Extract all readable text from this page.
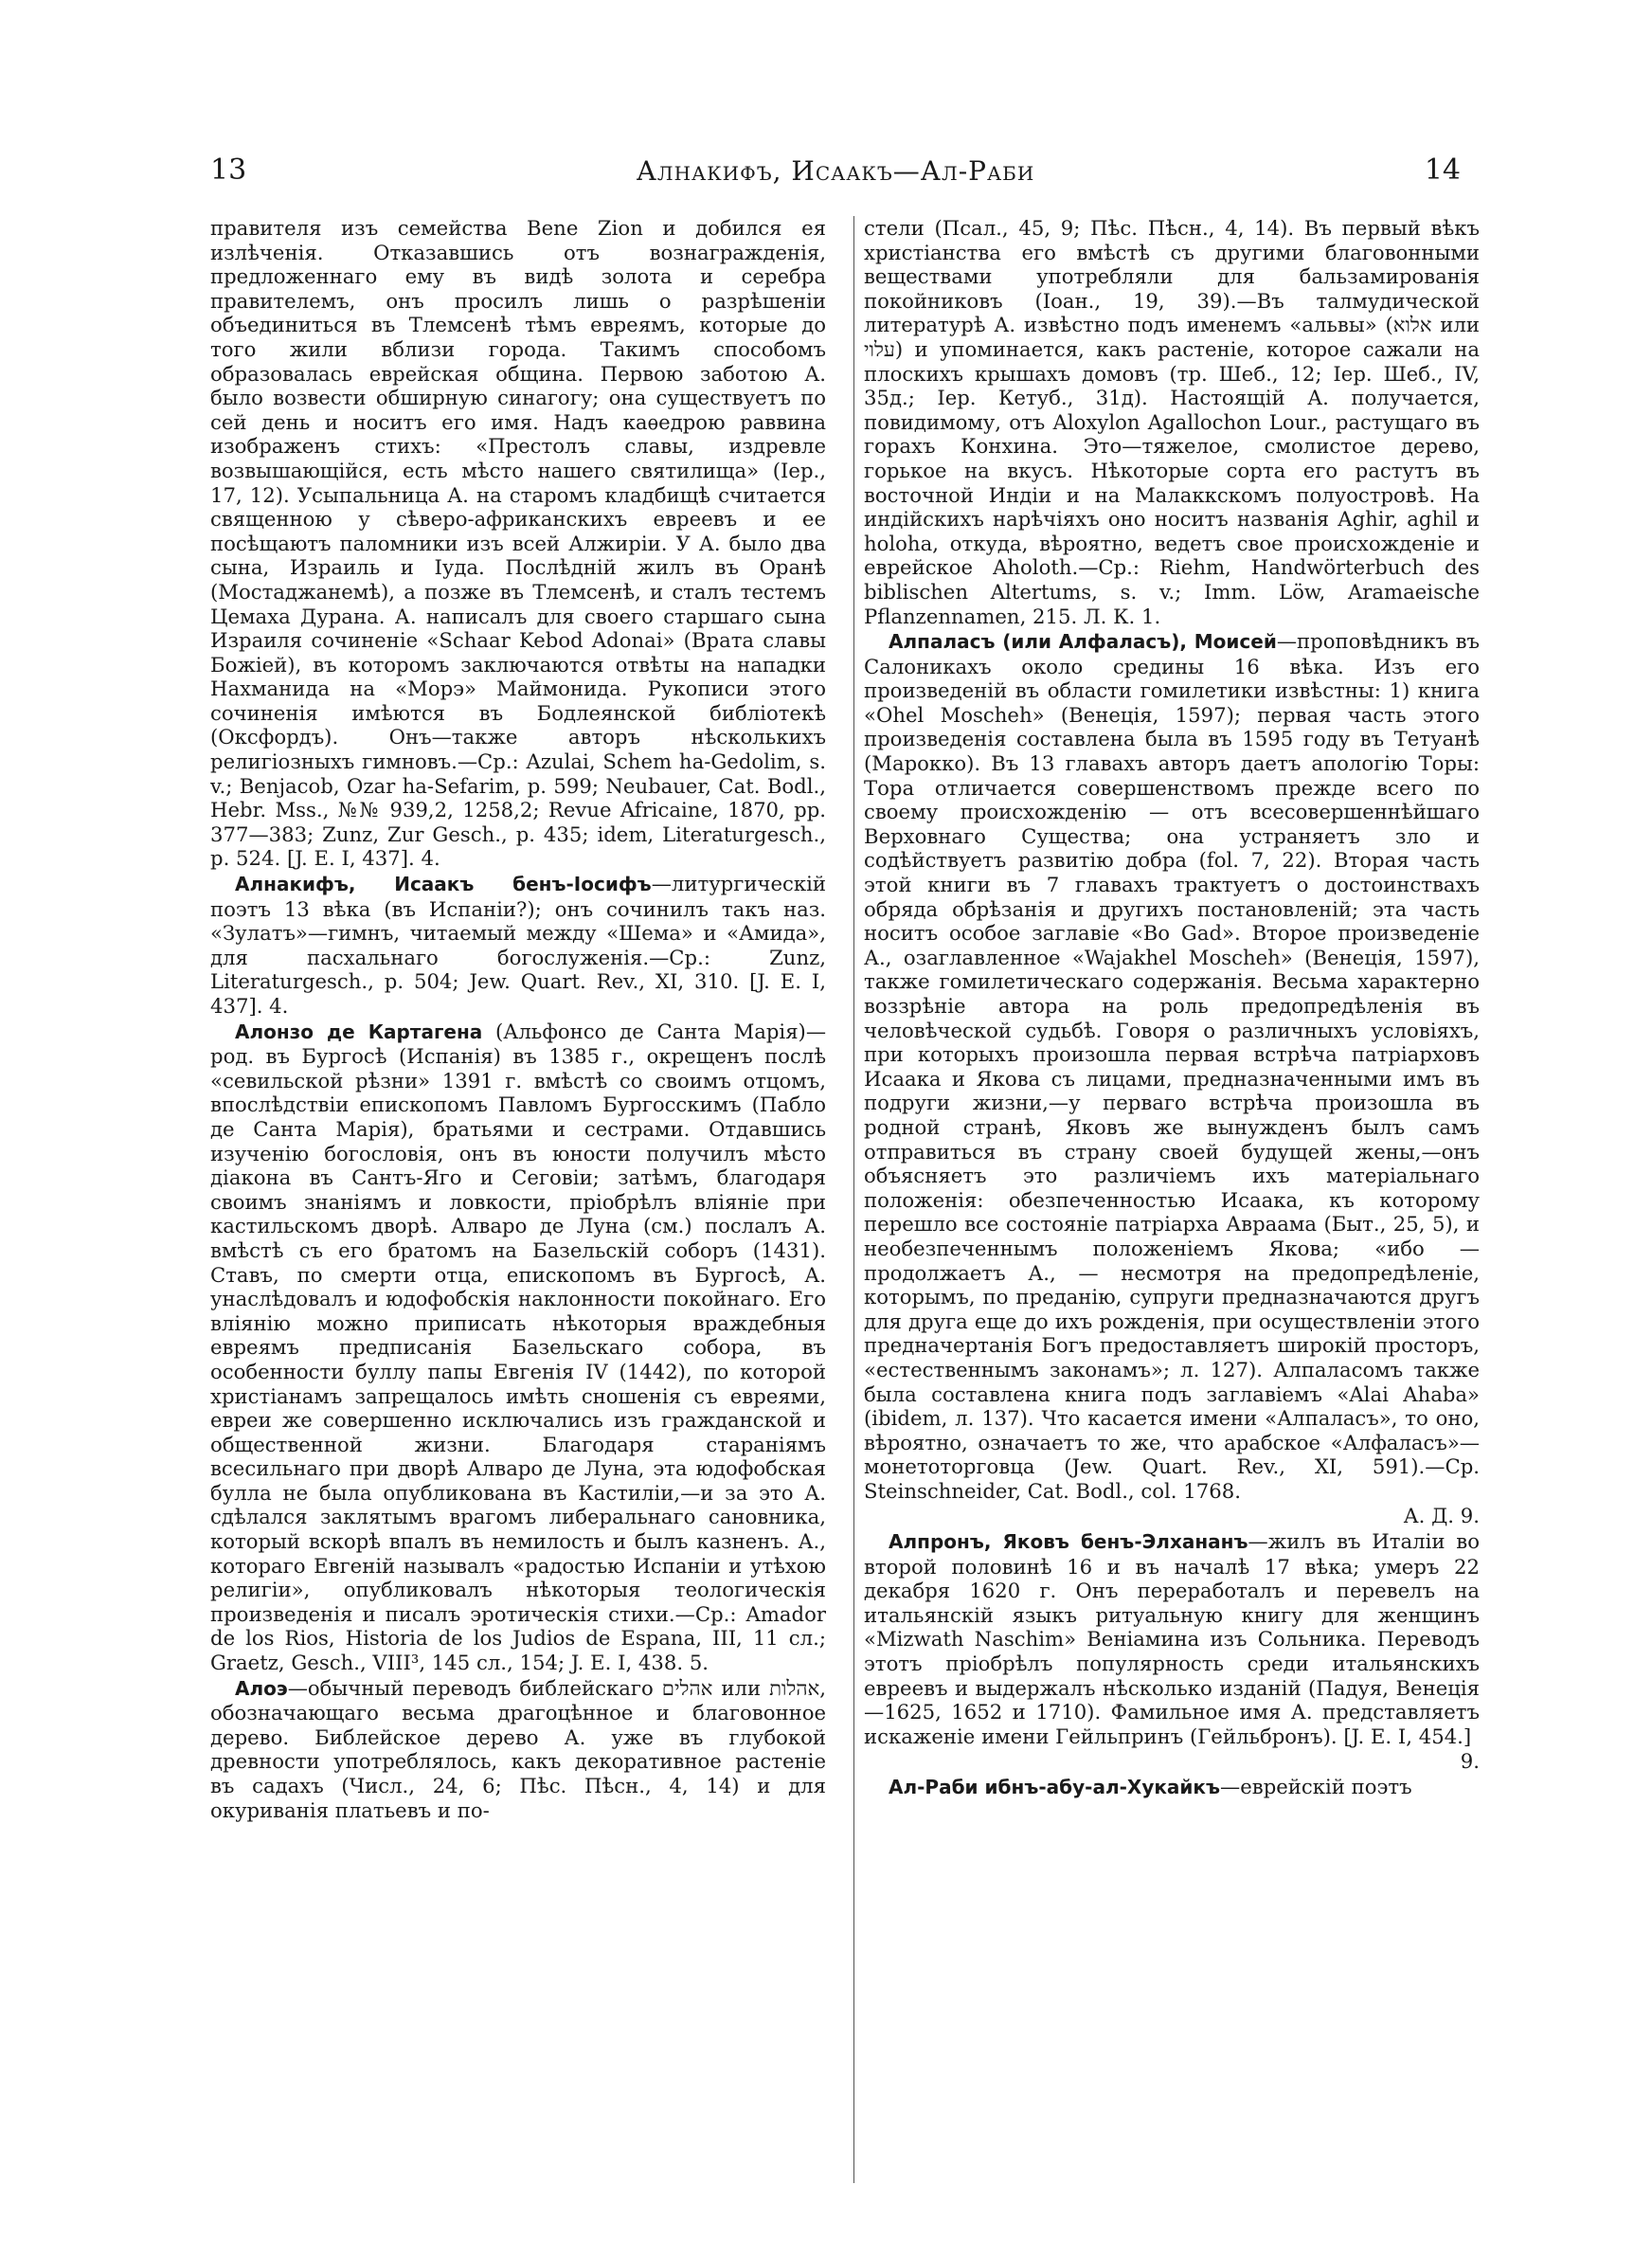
13	Алнакифъ, Исаакъ—Ал-Раби	14

правителя изъ семейства Bene Zion и добился ея излѣченія. Отказавшись отъ вознагражденія, предложеннаго ему въ видѣ золота и серебра правителемъ, онъ просилъ лишь о разрѣшеніи объединиться въ Тлемсенѣ тѣмъ евреямъ, которые до того жили вблизи города. Такимъ способомъ образовалась еврейская община. Первою заботою А. было возвести обширную синагогу; она существуетъ по сей день и носитъ его имя. Надъ каѳедрою раввина изображенъ стихъ: «Престолъ славы, издревле возвышающійся, есть мѣсто нашего святилища» (Іер., 17, 12). Усыпальница А. на старомъ кладбищѣ считается священною у сѣверо-африканскихъ евреевъ и ее посѣщаютъ паломники изъ всей Алжиріи. У А. было два сына, Израиль и Іуда. Послѣдній жилъ въ Оранѣ (Мостаджанемѣ), а позже въ Тлемсенѣ, и сталъ тестемъ Цемаха Дурана. А. написалъ для своего старшаго сына Израиля сочиненіе «Schaar Kebod Adonai» (Врата славы Божіей), въ которомъ заключаются отвѣты на нападки Нахманида на «Морэ» Маймонида. Рукописи этого сочиненія имѣются въ Бодлеянской библіотекѣ (Оксфордъ). Онъ—также авторъ нѣсколькихъ религіозныхъ гимновъ.—Ср.: Azulai, Schem ha-Gedolim, s. v.; Benjacob, Ozar ha-Sefarim, p. 599; Neubauer, Cat. Bodl., Hebr. Mss., №№ 939,2, 1258,2; Revue Africaine, 1870, pp. 377—383; Zunz, Zur Gesch., p. 435; idem, Literaturgesch., p. 524. [J. E. I, 437]. 4.

Алнакифъ, Исаакъ бенъ-Іосифъ—литургическій поэтъ 13 вѣка (въ Испаніи?); онъ сочинилъ такъ наз. «Зулатъ»—гимнъ, читаемый между «Шема» и «Амида», для пасхальнаго богослуженія.—Ср.: Zunz, Literaturgesch., p. 504; Jew. Quart. Rev., XI, 310. [J. E. I, 437]. 4.

Алонзо де Картагена (Альфонсо де Санта Марія)—род. въ Бургосѣ (Испанія) въ 1385 г., окрещенъ послѣ «севильской рѣзни» 1391 г. вмѣстѣ со своимъ отцомъ, впослѣдствіи епископомъ Павломъ Бургосскимъ (Пабло де Санта Марія), братьями и сестрами. Отдавшись изученію богословія, онъ въ юности получилъ мѣсто діакона въ Сантъ-Яго и Сеговіи; затѣмъ, благодаря своимъ знаніямъ и ловкости, пріобрѣлъ вліяніе при кастильскомъ дворѣ. Алваро де Луна (см.) послалъ А. вмѣстѣ съ его братомъ на Базельскій соборъ (1431). Ставъ, по смерти отца, епископомъ въ Бургосѣ, А. унаслѣдовалъ и юдофобскія наклонности покойнаго. Его вліянію можно приписать нѣкоторыя враждебныя евреямъ предписанія Базельскаго собора, въ особенности буллу папы Евгенія IV (1442), по которой христіанамъ запрещалось имѣть сношенія съ евреями, евреи же совершенно исключались изъ гражданской и общественной жизни. Благодаря стараніямъ всесильнаго при дворѣ Алваро де Луна, эта юдофобская булла не была опубликована въ Кастиліи,—и за это А. сдѣлался заклятымъ врагомъ либеральнаго сановника, который вскорѣ впалъ въ немилость и былъ казненъ. А., котораго Евгеній называлъ «радостью Испаніи и утѣхою религіи», опубликовалъ нѣкоторыя теологическія произведенія и писалъ эротическія стихи.—Ср.: Amador de los Rios, Historia de los Judios de Espana, III, 11 сл.; Graetz, Gesch., VIII³, 145 сл., 154; J. E. I, 438. 5.

Алоэ—обычный переводъ библейскаго אהלים или אהלות, обозначающаго весьма драгоцѣнное и благовонное дерево. Библейское дерево А. уже въ глубокой древности употреблялось, какъ декоративное растеніе въ садахъ (Числ., 24, 6; Пѣс. Пѣсн., 4, 14) и для окуриванія платьевъ и по-

стели (Псал., 45, 9; Пѣс. Пѣсн., 4, 14). Въ первый вѣкъ христіанства его вмѣстѣ съ другими благовонными веществами употребляли для бальзамированія покойниковъ (Іоан., 19, 39).—Въ талмудической литературѣ А. извѣстно подъ именемъ «альвы» (אלוא или עלוי) и упоминается, какъ растеніе, которое сажали на плоскихъ крышахъ домовъ (тр. Шеб., 12; Іер. Шеб., IV, 35д.; Іер. Кетуб., 31д). Настоящій А. получается, повидимому, отъ Aloxylon Agallochon Lour., растущаго въ горахъ Конхина. Это—тяжелое, смолистое дерево, горькое на вкусъ. Нѣкоторые сорта его растутъ въ восточной Индіи и на Малаккскомъ полуостровѣ. На индійскихъ нарѣчіяхъ оно носитъ названія Aghir, aghil и holoha, откуда, вѣроятно, ведетъ свое происхожденіе и еврейское Aholoth.—Ср.: Riehm, Handwörterbuch des biblischen Altertums, s. v.; Imm. Löw, Aramaeische Pflanzennamen, 215. Л. К. 1.

Алпаласъ (или Алфаласъ), Моисей—проповѣдникъ въ Салоникахъ около средины 16 вѣка. Изъ его произведеній въ области гомилетики извѣстны: 1) книга «Ohel Moscheh» (Венеція, 1597); первая часть этого произведенія составлена была въ 1595 году въ Тетуанѣ (Марокко). Въ 13 главахъ авторъ даетъ апологію Торы: Тора отличается совершенствомъ прежде всего по своему происхожденію — отъ всесовершеннѣйшаго Верховнаго Существа; она устраняетъ зло и содѣйствуетъ развитію добра (fol. 7, 22). Вторая часть этой книги въ 7 главахъ трактуетъ о достоинствахъ обряда обрѣзанія и другихъ постановленій; эта часть носитъ особое заглавіе «Bo Gad». Второе произведеніе А., озаглавленное «Wajakhel Moscheh» (Венеція, 1597), также гомилетическаго содержанія. Весьма характерно воззрѣніе автора на роль предопредѣленія въ человѣческой судьбѣ. Говоря о различныхъ условіяхъ, при которыхъ произошла первая встрѣча патріарховъ Исаака и Якова съ лицами, предназначенными имъ въ подруги жизни,—у перваго встрѣча произошла въ родной странѣ, Яковъ же вынужденъ былъ самъ отправиться въ страну своей будущей жены,—онъ объясняетъ это различіемъ ихъ матеріальнаго положенія: обезпеченностью Исаака, къ которому перешло все состояніе патріарха Авраама (Быт., 25, 5), и необезпеченнымъ положеніемъ Якова; «ибо — продолжаетъ А., — несмотря на предопредѣленіе, которымъ, по преданію, супруги предназначаются другъ для друга еще до ихъ рожденія, при осуществленіи этого предначертанія Богъ предоставляетъ широкій просторъ, «естественнымъ законамъ»; л. 127). Алпаласомъ также была составлена книга подъ заглавіемъ «Alai Ahaba» (ibidem, л. 137). Что касается имени «Алпаласъ», то оно, вѣроятно, означаетъ то же, что арабское «Алфаласъ»—монетоторговца (Jew. Quart. Rev., XI, 591).—Ср. Steinschneider, Cat. Bodl., col. 1768.

А. Д. 9.

Алпронъ, Яковъ бенъ-Элхананъ—жилъ въ Италіи во второй половинѣ 16 и въ началѣ 17 вѣка; умеръ 22 декабря 1620 г. Онъ переработалъ и перевелъ на итальянскій языкъ ритуальную книгу для женщинъ «Mizwath Naschim» Веніамина изъ Сольника. Переводъ этотъ пріобрѣлъ популярность среди итальянскихъ евреевъ и выдержалъ нѣсколько изданій (Падуя, Венеція—1625, 1652 и 1710). Фамильное имя А. представляетъ искаженіе имени Гейльпринъ (Гейльбронъ). [J. E. I, 454.]

9.

Ал-Раби ибнъ-абу-ал-Хукайкъ—еврейскій поэтъ
